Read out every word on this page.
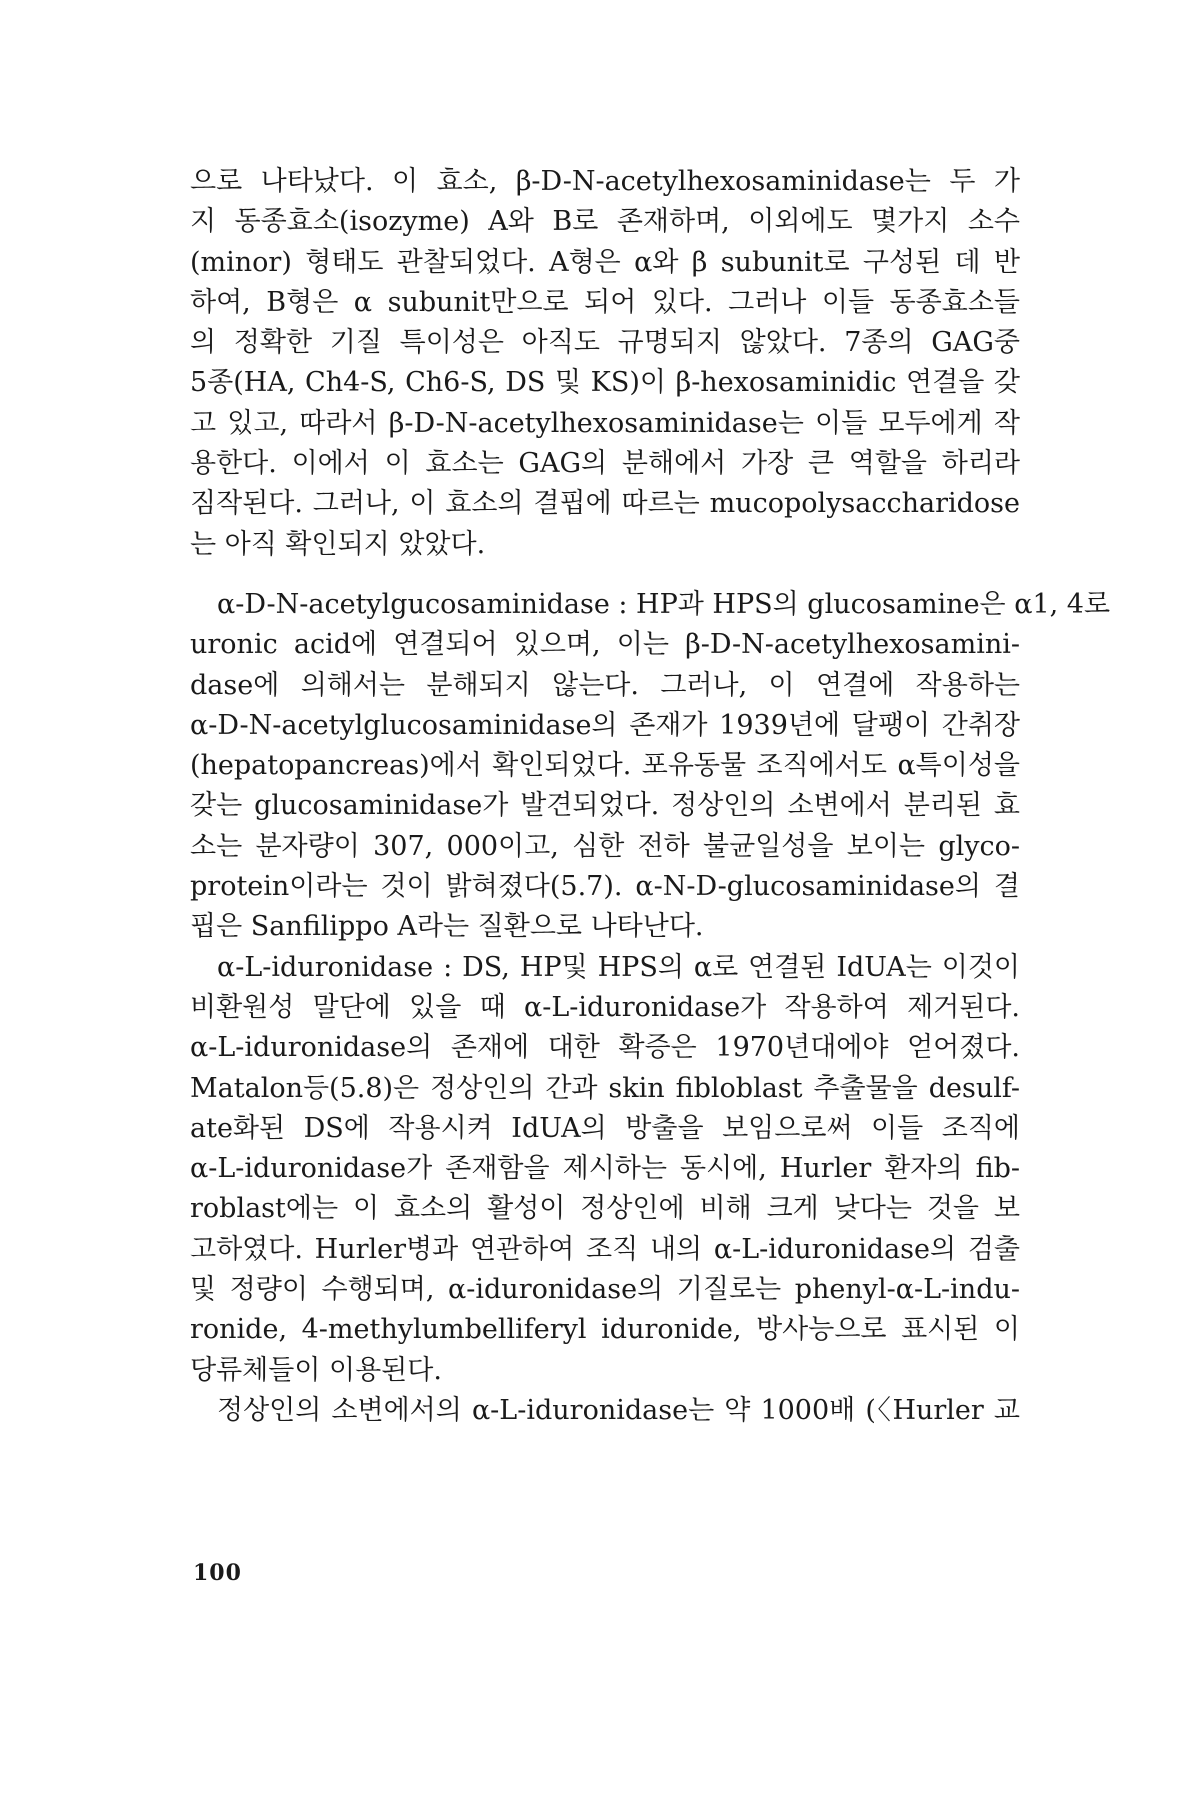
으로 나타났다. 이 효소, β-D-N-acetylhexosaminidase는 두 가
지 동종효소(isozyme) A와 B로 존재하며, 이외에도 몇가지 소수
(minor) 형태도 관찰되었다. A형은 α와 β subunit로 구성된 데 반
하여, B형은 α subunit만으로 되어 있다. 그러나 이들 동종효소들
의 정확한 기질 특이성은 아직도 규명되지 않았다. 7종의 GAG중
5종(HA, Ch4-S, Ch6-S, DS 및 KS)이 β-hexosaminidic 연결을 갖
고 있고, 따라서 β-D-N-acetylhexosaminidase는 이들 모두에게 작
용한다. 이에서 이 효소는 GAG의 분해에서 가장 큰 역할을 하리라
짐작된다. 그러나, 이 효소의 결핍에 따르는 mucopolysaccharidose
는 아직 확인되지 았았다.
α-D-N-acetylgucosaminidase : HP과 HPS의 glucosamine은 α1, 4로
uronic acid에 연결되어 있으며, 이는 β-D-N-acetylhexosamini-
dase에 의해서는 분해되지 않는다. 그러나, 이 연결에 작용하는
α-D-N-acetylglucosaminidase의 존재가 1939년에 달팽이 간취장
(hepatopancreas)에서 확인되었다. 포유동물 조직에서도 α특이성을
갖는 glucosaminidase가 발견되었다. 정상인의 소변에서 분리된 효
소는 분자량이 307, 000이고, 심한 전하 불균일성을 보이는 glyco-
protein이라는 것이 밝혀졌다(5.7). α-N-D-glucosaminidase의 결
핍은 Sanfilippo A라는 질환으로 나타난다.
α-L-iduronidase : DS, HP및 HPS의 α로 연결된 IdUA는 이것이
비환원성 말단에 있을 때 α-L-iduronidase가 작용하여 제거된다.
α-L-iduronidase의 존재에 대한 확증은 1970년대에야 얻어졌다.
Matalon등(5.8)은 정상인의 간과 skin fibloblast 추출물을 desulf-
ate화된 DS에 작용시켜 IdUA의 방출을 보임으로써 이들 조직에
α-L-iduronidase가 존재함을 제시하는 동시에, Hurler 환자의 fib-
roblast에는 이 효소의 활성이 정상인에 비해 크게 낮다는 것을 보
고하였다. Hurler병과 연관하여 조직 내의 α-L-iduronidase의 검출
및 정량이 수행되며, α-iduronidase의 기질로는 phenyl-α-L-indu-
ronide, 4-methylumbelliferyl iduronide, 방사능으로 표시된 이
당류체들이 이용된다.
정상인의 소변에서의 α-L-iduronidase는 약 1000배 (〈Hurler 교
100
